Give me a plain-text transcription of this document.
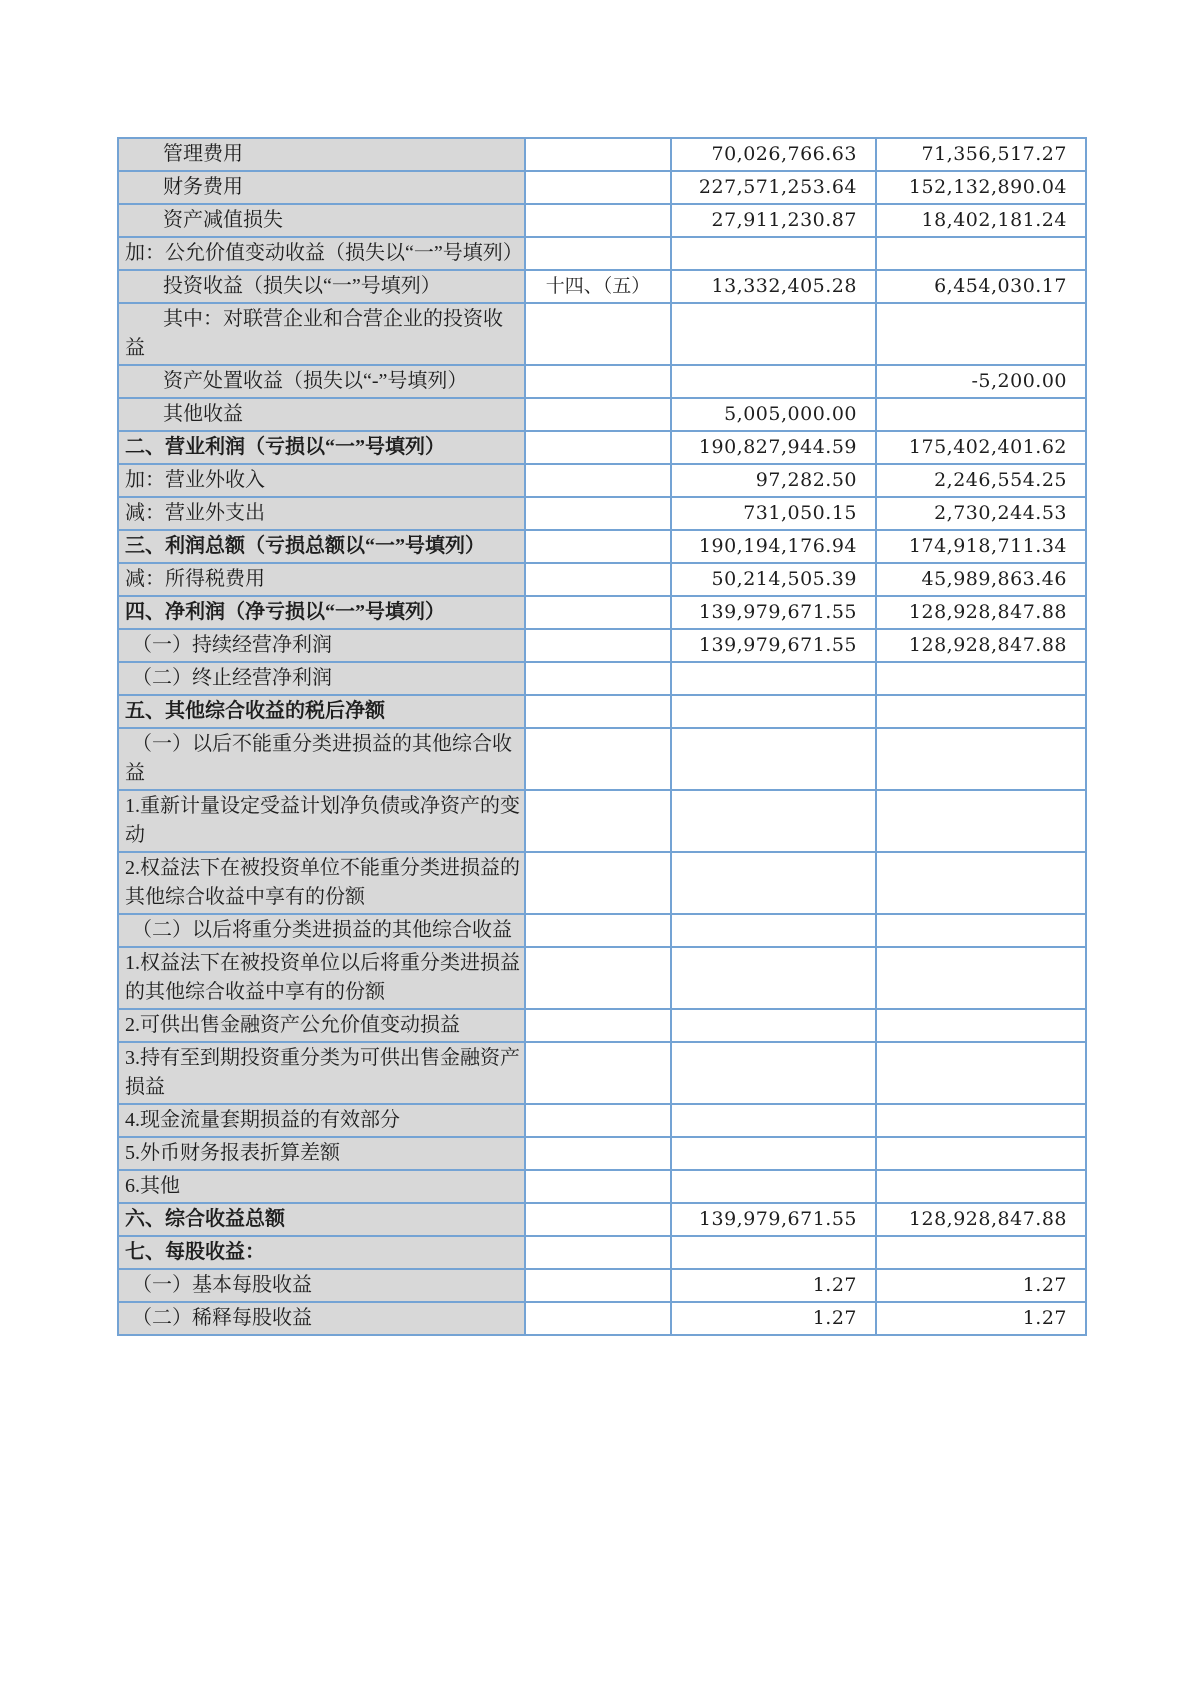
管理费用		70,026,766.63	71,356,517.27
财务费用		227,571,253.64	152,132,890.04
资产减值损失		27,911,230.87	18,402,181.24
加：公允价值变动收益（损失以“一”号填列）			
投资收益（损失以“一”号填列）	十四、（五）	13,332,405.28	6,454,030.17
其中：对联营企业和合营企业的投资收益			
资产处置收益（损失以“-”号填列）			-5,200.00
其他收益		5,005,000.00	
二、营业利润（亏损以“一”号填列）		190,827,944.59	175,402,401.62
加：营业外收入		97,282.50	2,246,554.25
减：营业外支出		731,050.15	2,730,244.53
三、利润总额（亏损总额以“一”号填列）		190,194,176.94	174,918,711.34
减：所得税费用		50,214,505.39	45,989,863.46
四、净利润（净亏损以“一”号填列）		139,979,671.55	128,928,847.88
（一）持续经营净利润		139,979,671.55	128,928,847.88
（二）终止经营净利润			
五、其他综合收益的税后净额			
（一）以后不能重分类进损益的其他综合收益			
1.重新计量设定受益计划净负债或净资产的变动			
2.权益法下在被投资单位不能重分类进损益的其他综合收益中享有的份额			
（二）以后将重分类进损益的其他综合收益			
1.权益法下在被投资单位以后将重分类进损益的其他综合收益中享有的份额			
2.可供出售金融资产公允价值变动损益			
3.持有至到期投资重分类为可供出售金融资产损益			
4.现金流量套期损益的有效部分			
5.外币财务报表折算差额			
6.其他			
六、综合收益总额		139,979,671.55	128,928,847.88
七、每股收益：			
（一）基本每股收益		1.27	1.27
（二）稀释每股收益		1.27	1.27
